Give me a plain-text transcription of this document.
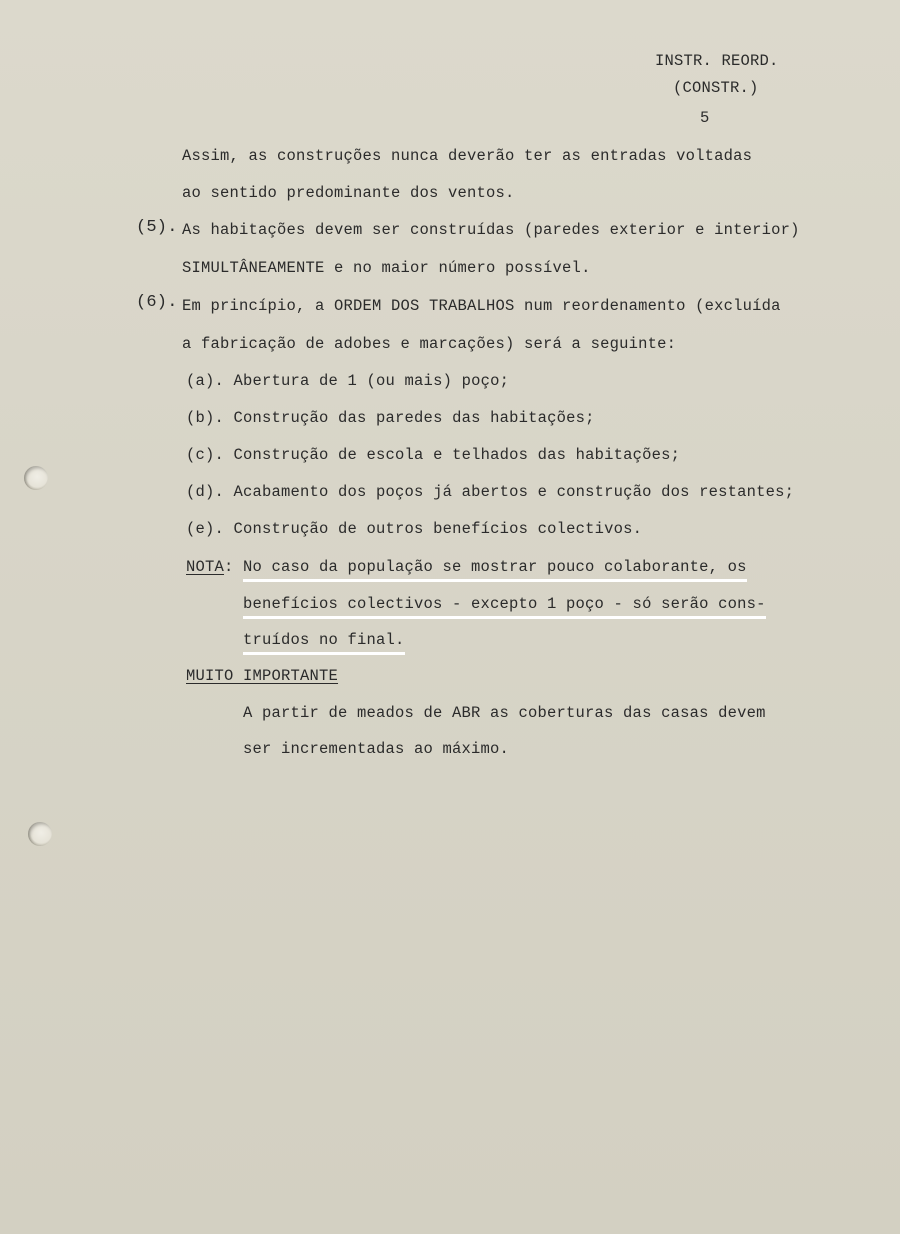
INSTR. REORD.
(CONSTR.)
5
Assim, as construções nunca deverão ter as entradas voltadas
ao sentido predominante dos ventos.
(5). As habitações devem ser construídas (paredes exterior e interior)
SIMULTÂNEAMENTE e no maior número possível.
(6). Em princípio, a ORDEM DOS TRABALHOS num reordenamento (excluída
a fabricação de adobes e marcações) será a seguinte:
(a). Abertura de 1 (ou mais) poço;
(b). Construção das paredes das habitações;
(c). Construção de escola e telhados das habitações;
(d). Acabamento dos poços já abertos e construção dos restantes;
(e). Construção de outros benefícios colectivos.
NOTA: No caso da população se mostrar pouco colaborante, os
benefícios colectivos - excepto 1 poço - só serão cons-
truídos no final.
MUITO IMPORTANTE
A partir de meados de ABR as coberturas das casas devem
ser incrementadas ao máximo.
